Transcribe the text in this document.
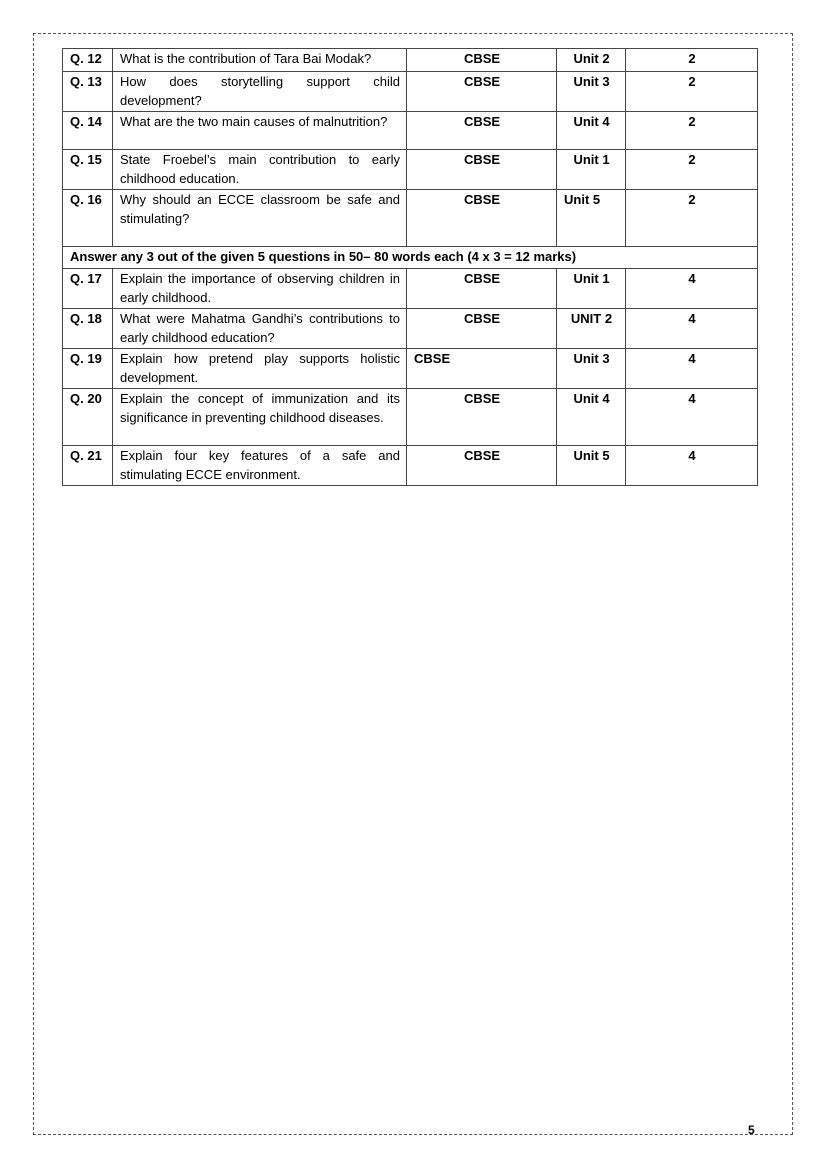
Q. 12	What is the contribution of Tara Bai Modak?	CBSE	Unit 2	2
Q. 13	How does storytelling support child development?	CBSE	Unit 3	2
Q. 14	What are the two main causes of malnutrition?	CBSE	Unit 4	2
Q. 15	State Froebel’s main contribution to early childhood education.	CBSE	Unit 1	2
Q. 16	Why should an ECCE classroom be safe and stimulating?	CBSE	Unit 5	2
Answer any 3 out of the given 5 questions in 50– 80 words each (4 x 3 = 12 marks)				
Q. 17	Explain the importance of observing children in early childhood.	CBSE	Unit 1	4
Q. 18	What were Mahatma Gandhi’s contributions to early childhood education?	CBSE	UNIT 2	4
Q. 19	Explain how pretend play supports holistic development.	CBSE	Unit 3	4
Q. 20	Explain the concept of immunization and its significance in preventing childhood diseases.	CBSE	Unit 4	4
Q. 21	Explain four key features of a safe and stimulating ECCE environment.	CBSE	Unit 5	4
5
